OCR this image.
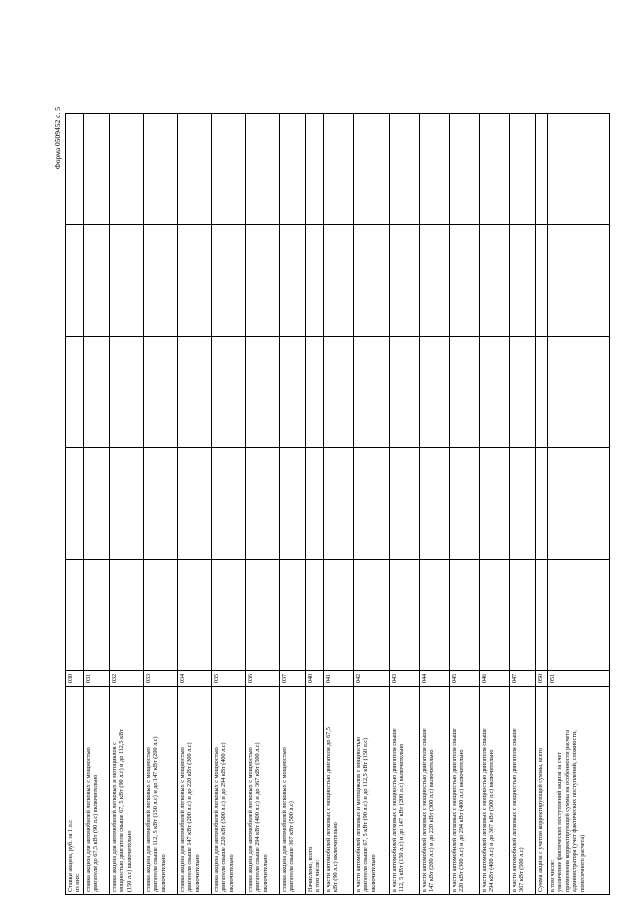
Форма 0509452 с. 5
Ставки акциза, руб. за 1 л.с из них:	030					

ставка акциза для автомобилей легковых с мощностью двигателя до 67,5 кВт (90 л.с) включительно	031					

ставка акциза для автомобилей легковых и мотоциклов с мощностью двигателя свыше 67, 5 кВт (90 л.с) и до 112,5 кВт (150 л.с) включительно	032					

ставка акциза для автомобилей легковых с мощностью двигателя свыше 112, 5 кВт (150 л.с) и до 147 кВт (200 л.с) включительно	033					

ставка акциза для автомобилей легковых с мощностью двигателя свыше 147 кВт (200 л.с) и до 220 кВт (300 л.с) включительно	034					

ставка акциза для автомобилей легковых с мощностью двигателя свыше 220 кВт (300 л.с) и до 294 кВт (400 л.с) включительно	035					

ставка акциза для автомобилей легковых с мощностью двигателя свыше 294 кВт (400 л.с) и до 367 кВт (500 л.с) включительно	036					

ставка акциза для автомобилей легковых с мощностью двигателя свыше 367 кВт (500 л.с)	037					

Начислено, всего в том числе:	040					

в части автомобилей легковых с мощностью двигателя до 67,5 кВт (90 л.с) включительно	041					

в части автомобилей легковых и мотоциклов с мощностью двигателя свыше 67, 5 кВт (90 л.с) и до 112,5 кВт (150 л.с) включительно	042					

в части автомобилей легковых с мощностью двигателя свыше 112, 5 кВт (150 л.с) и до 147 кВт (200 л.с) включительно	043					

в части автомобилей легковых с мощностью двигателя свыше 147 кВт (200 л.с) и до 220 кВт (300 л.с) включительно	044					

в части автомобилей легковых с мощностью двигателя свыше 220 кВт (300 л.с) и до 294 кВт (400 л.с) включительно	045					

в части автомобилей легковых с мощностью двигателя свыше 294 кВт (400 л.с) и до 367 кВт (500 л.с) включительно	046					

в части автомобилей легковых с мощностью двигателя свыше 367 кВт (500 л.с)	047					

Сумма акциза с учетом корректирующей суммы, всего	050					

в том числе: увеличение фактических поступлений акциза за счет применения корректирующей суммы на особенности расчета администратора (учет фактических поступлений, сложности, помесячного расчета)	051					
